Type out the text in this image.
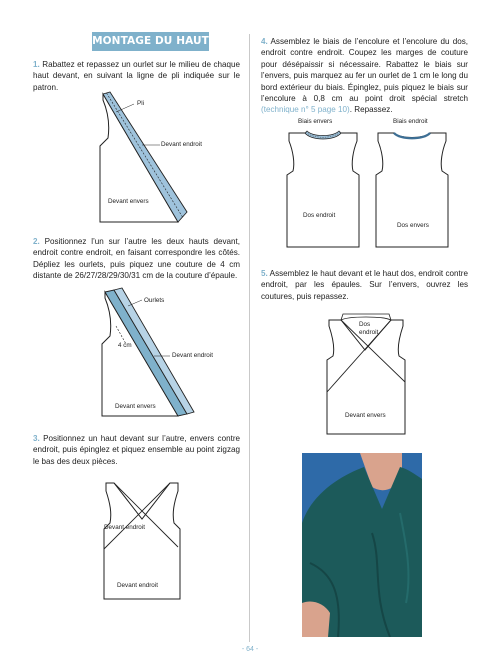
MONTAGE DU HAUT
1. Rabattez et repassez un ourlet sur le milieu de chaque haut devant, en suivant la ligne de pli indiquée sur le patron.
Pli
Devant endroit
Devant envers
2. Positionnez l’un sur l’autre les deux hauts devant, endroit contre endroit, en faisant correspondre les côtés. Dépliez les ourlets, puis piquez une couture de 4 cm distante de 26/27/28/29/30/31 cm de la couture d’épaule.
Ourlets
4 cm
Devant endroit
Devant envers
3. Positionnez un haut devant sur l’autre, envers contre endroit, puis épinglez et piquez ensemble au point zigzag le bas des deux pièces.
Devant endroit
Devant endroit
4. Assemblez le biais de l’encolure et l’encolure du dos, endroit contre endroit. Coupez les marges de couture pour désépaissir si nécessaire. Rabattez le biais sur l’envers, puis marquez au fer un ourlet de 1 cm le long du bord extérieur du biais. Épinglez, puis piquez le biais sur l’encolure à 0,8 cm au point droit spécial stretch (technique n° 5 page 10). Repassez.
Biais envers	Biais endroit
Dos endroit
Dos envers
5. Assemblez le haut devant et le haut dos, endroit contre endroit, par les épaules. Sur l’envers, ouvrez les coutures, puis repassez.
Dos endroit
Devant envers
- 64 -
